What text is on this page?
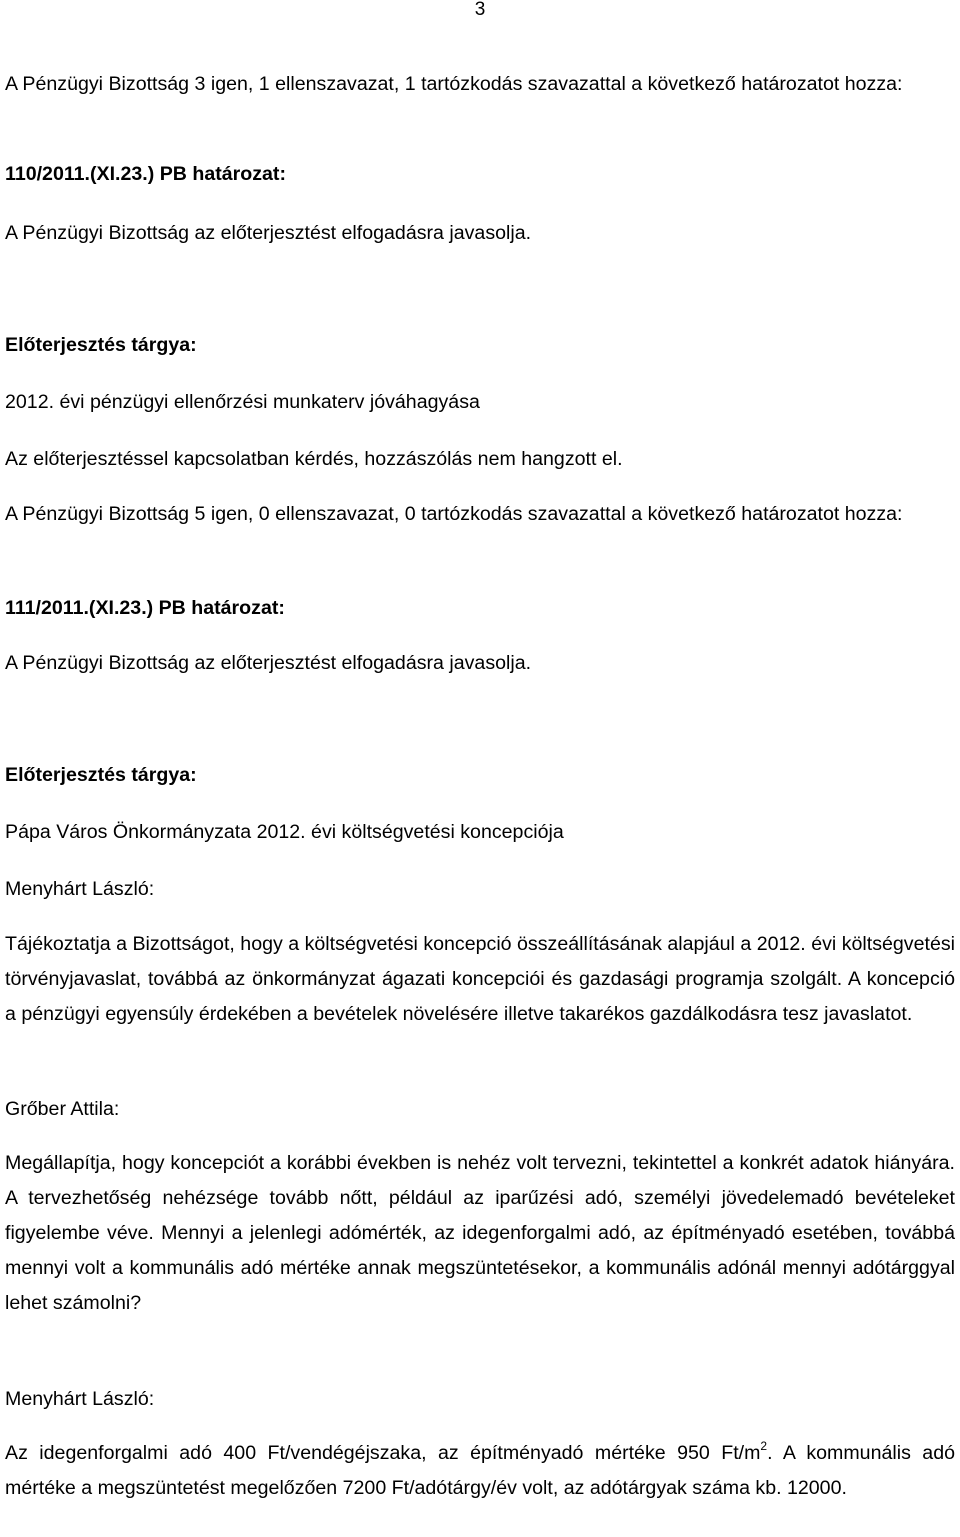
3

A Pénzügyi Bizottság 3 igen, 1 ellenszavazat, 1 tartózkodás szavazattal a következő határozatot hozza:

110/2011.(XI.23.) PB határozat:

A Pénzügyi Bizottság az előterjesztést elfogadásra javasolja.

Előterjesztés tárgya:

2012. évi pénzügyi ellenőrzési munkaterv jóváhagyása

Az előterjesztéssel kapcsolatban kérdés, hozzászólás nem hangzott el.

A Pénzügyi Bizottság 5 igen, 0 ellenszavazat, 0 tartózkodás szavazattal a következő határozatot hozza:

111/2011.(XI.23.) PB határozat:

A Pénzügyi Bizottság az előterjesztést elfogadásra javasolja.

Előterjesztés tárgya:

Pápa Város Önkormányzata 2012. évi költségvetési koncepciója

Menyhárt László:

Tájékoztatja a Bizottságot, hogy a költségvetési koncepció összeállításának alapjául a 2012. évi költségvetési törvényjavaslat, továbbá az önkormányzat ágazati koncepciói és gazdasági programja szolgált. A koncepció a pénzügyi egyensúly érdekében a bevételek növelésére illetve takarékos gazdálkodásra tesz javaslatot.

Grőber Attila:

Megállapítja, hogy koncepciót a korábbi években is nehéz volt tervezni, tekintettel a konkrét adatok hiányára. A tervezhetőség nehézsége tovább nőtt, például az iparűzési adó, személyi jövedelemadó bevételeket figyelembe véve. Mennyi a jelenlegi adómérték, az idegenforgalmi adó, az építményadó esetében, továbbá mennyi volt a kommunális adó mértéke annak megszüntetésekor, a kommunális adónál mennyi adótárggyal lehet számolni?

Menyhárt László:

Az idegenforgalmi adó 400 Ft/vendégéjszaka, az építményadó mértéke 950 $Ft/m^2$. A kommunális adó mértéke a megszüntetést megelőzően 7200 Ft/adótárgy/év volt, az adótárgyak száma kb. 12000.
